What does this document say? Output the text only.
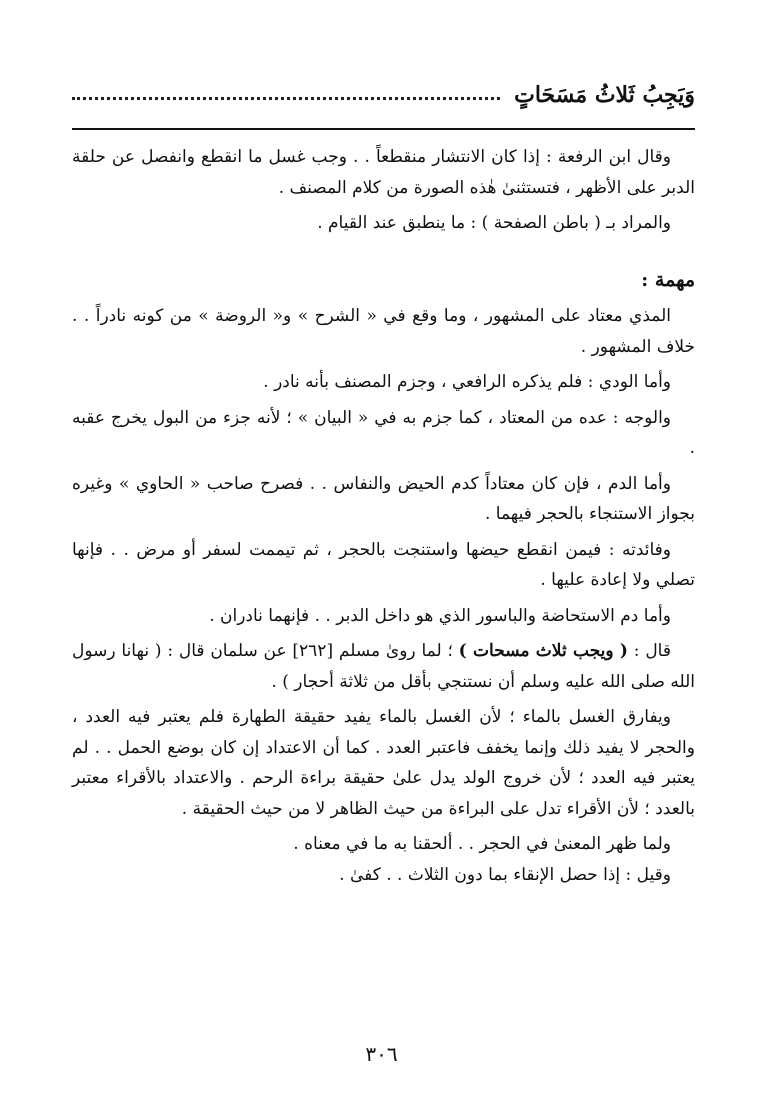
وَيَجِبُ ثَلاثُ مَسَحَاتٍ

وقال ابن الرفعة : إذا كان الانتشار منقطعاً . . وجب غسل ما انقطع وانفصل عن حلقة الدبر على الأظهر ، فتستثنىٰ هٰذه الصورة من كلام المصنف .

والمراد بـ ( باطن الصفحة ) : ما ينطبق عند القيام .

مهمة :

المذي معتاد على المشهور ، وما وقع في « الشرح » و« الروضة » من كونه نادراً . . خلاف المشهور .

وأما الودي : فلم يذكره الرافعي ، وجزم المصنف بأنه نادر .

والوجه : عده من المعتاد ، كما جزم به في « البيان » ؛ لأنه جزء من البول يخرج عقبه .

وأما الدم ، فإن كان معتاداً كدم الحيض والنفاس . . فصرح صاحب « الحاوي » وغيره بجواز الاستنجاء بالحجر فيهما .

وفائدته : فيمن انقطع حيضها واستنجت بالحجر ، ثم تيممت لسفر أو مرض . . فإنها تصلي ولا إعادة عليها .

وأما دم الاستحاضة والباسور الذي هو داخل الدبر . . فإنهما نادران .

قال : ( ويجب ثلاث مسحات ) ؛ لما روىٰ مسلم [٢٦٢] عن سلمان قال : ( نهانا رسول الله صلى الله عليه وسلم أن نستنجي بأقل من ثلاثة أحجار ) .

ويفارق الغسل بالماء ؛ لأن الغسل بالماء يفيد حقيقة الطهارة فلم يعتبر فيه العدد ، والحجر لا يفيد ذلك وإنما يخفف فاعتبر العدد . كما أن الاعتداد إن كان بوضع الحمل . . لم يعتبر فيه العدد ؛ لأن خروج الولد يدل علىٰ حقيقة براءة الرحم . والاعتداد بالأقراء معتبر بالعدد ؛ لأن الأقراء تدل على البراءة من حيث الظاهر لا من حيث الحقيقة .

ولما ظهر المعنىٰ في الحجر . . ألحقنا به ما في معناه .

وقيل : إذا حصل الإنقاء بما دون الثلاث . . كفىٰ .

٣٠٦
